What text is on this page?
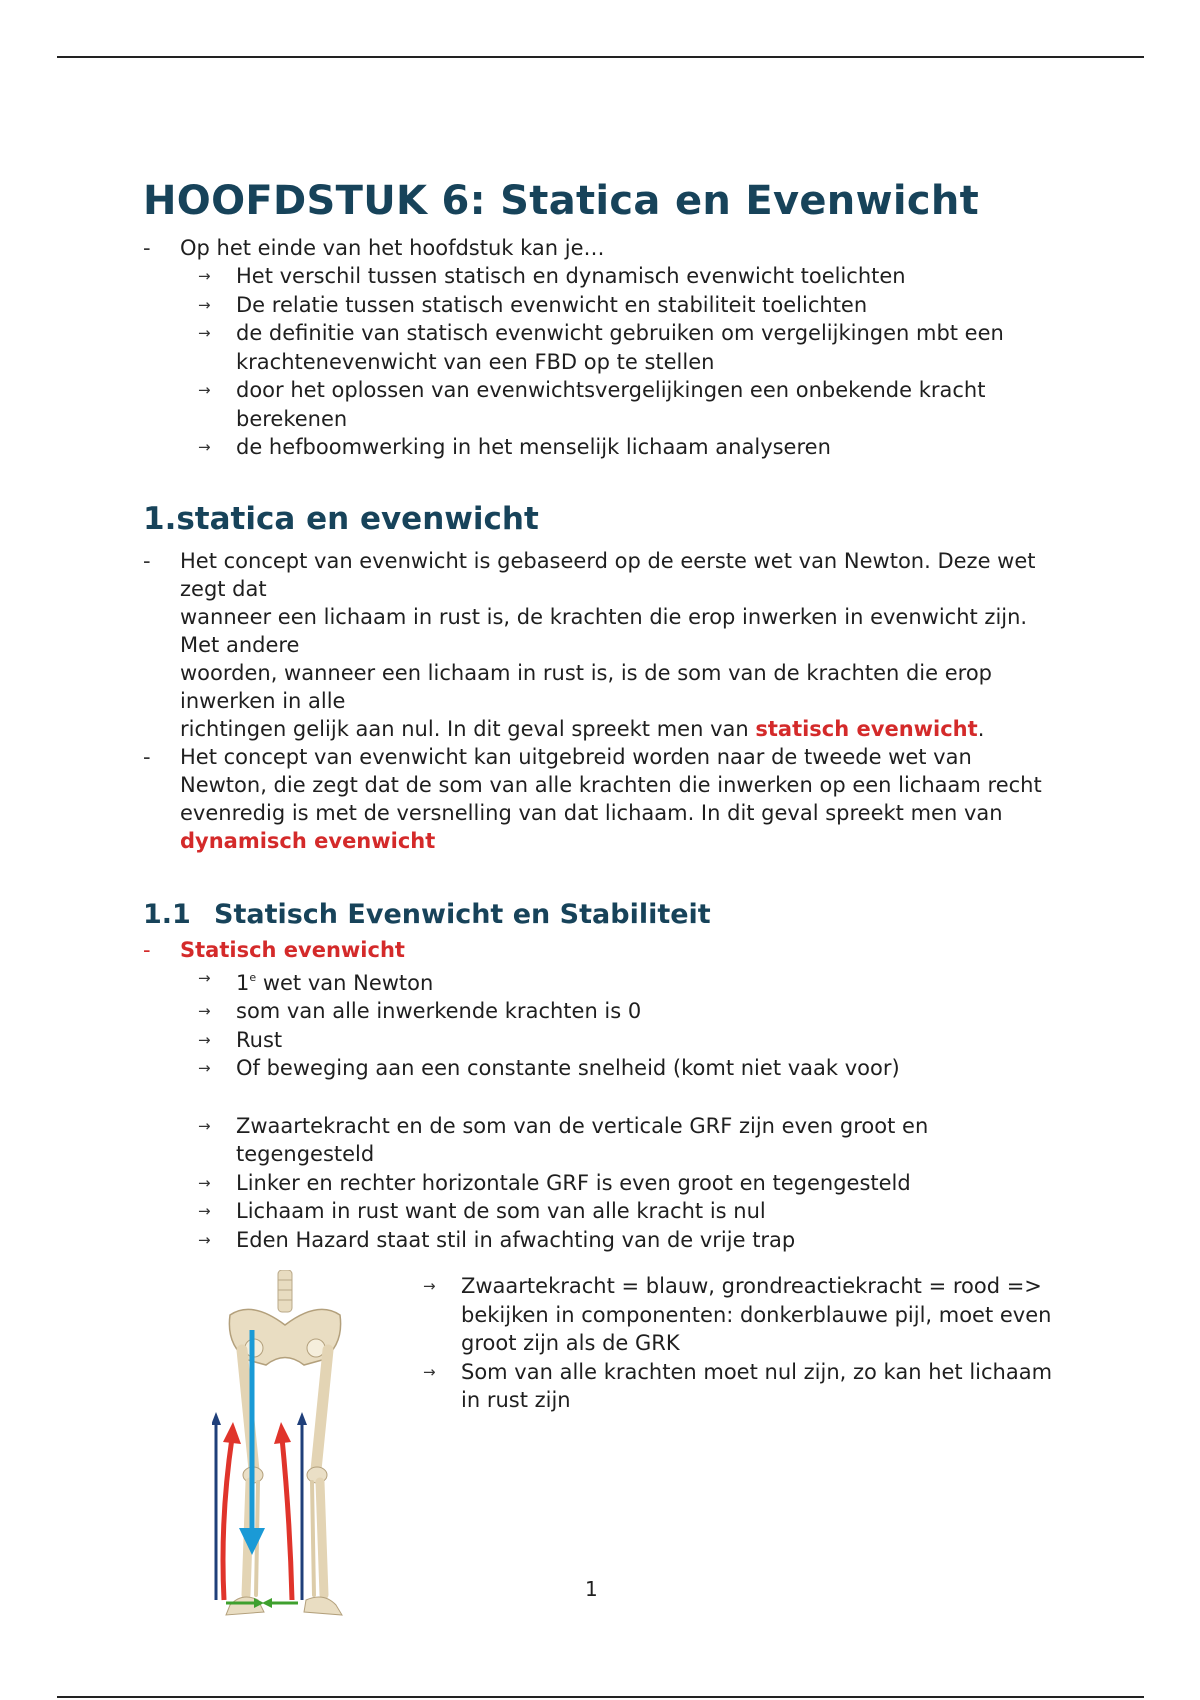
HOOFDSTUK 6: Statica en Evenwicht
- Op het einde van het hoofdstuk kan je…
→ Het verschil tussen statisch en dynamisch evenwicht toelichten
→ De relatie tussen statisch evenwicht en stabiliteit toelichten
→ de definitie van statisch evenwicht gebruiken om vergelijkingen mbt een krachtenevenwicht van een FBD op te stellen
→ door het oplossen van evenwichtsvergelijkingen een onbekende kracht berekenen
→ de hefboomwerking in het menselijk lichaam analyseren
1.statica en evenwicht
- Het concept van evenwicht is gebaseerd op de eerste wet van Newton. Deze wet zegt dat
wanneer een lichaam in rust is, de krachten die erop inwerken in evenwicht zijn. Met andere
woorden, wanneer een lichaam in rust is, is de som van de krachten die erop inwerken in alle
richtingen gelijk aan nul. In dit geval spreekt men van statisch evenwicht.
- Het concept van evenwicht kan uitgebreid worden naar de tweede wet van Newton, die zegt dat de som van alle krachten die inwerken op een lichaam recht evenredig is met de versnelling van dat lichaam. In dit geval spreekt men van dynamisch evenwicht
1.1 Statisch Evenwicht en Stabiliteit
- Statisch evenwicht
→ $1^e$ wet van Newton
→ som van alle inwerkende krachten is 0
→ Rust
→ Of beweging aan een constante snelheid (komt niet vaak voor)
→ Zwaartekracht en de som van de verticale GRF zijn even groot en tegengesteld
→ Linker en rechter horizontale GRF is even groot en tegengesteld
→ Lichaam in rust want de som van alle kracht is nul
→ Eden Hazard staat stil in afwachting van de vrije trap
→ Zwaartekracht = blauw, grondreactiekracht = rood => bekijken in componenten: donkerblauwe pijl, moet even groot zijn als de GRK
→ Som van alle krachten moet nul zijn, zo kan het lichaam in rust zijn
1
